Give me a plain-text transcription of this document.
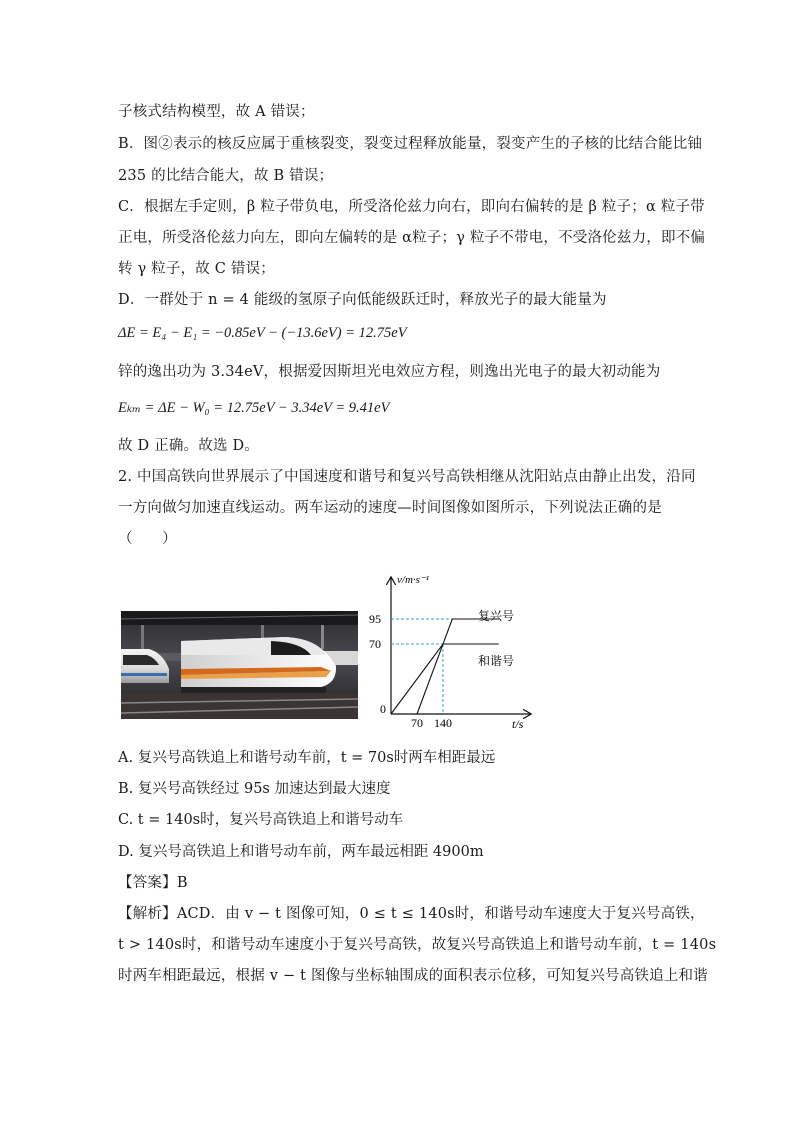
子核式结构模型，故 A 错误；
B．图②表示的核反应属于重核裂变，裂变过程释放能量，裂变产生的子核的比结合能比铀
235 的比结合能大，故 B 错误；
C．根据左手定则，β 粒子带负电，所受洛伦兹力向右，即向右偏转的是 β 粒子；α 粒子带
正电，所受洛伦兹力向左，即向左偏转的是 α粒子；γ 粒子不带电，不受洛伦兹力，即不偏
转 γ 粒子，故 C 错误；
D．一群处于 n = 4 能级的氢原子向低能级跃迁时，释放光子的最大能量为
ΔE = E₄ − E₁ = −0.85eV − (−13.6eV) = 12.75eV
锌的逸出功为 3.34eV，根据爱因斯坦光电效应方程，则逸出光电子的最大初动能为
Eₖₘ = ΔE − W₀ = 12.75eV − 3.34eV = 9.41eV
故 D 正确。故选 D。
2. 中国高铁向世界展示了中国速度和谐号和复兴号高铁相继从沈阳站点由静止出发，沿同
一方向做匀加速直线运动。两车运动的速度—时间图像如图所示，下列说法正确的是
（　　）
v/m·s⁻¹
t/s
0
95
70
70 140
复兴号
和谐号
A. 复兴号高铁追上和谐号动车前，t = 70s时两车相距最远
B. 复兴号高铁经过 95s 加速达到最大速度
C. t = 140s时，复兴号高铁追上和谐号动车
D. 复兴号高铁追上和谐号动车前，两车最远相距 4900m
【答案】B
【解析】ACD．由 v − t 图像可知，0 ≤ t ≤ 140s时，和谐号动车速度大于复兴号高铁，
t > 140s时，和谐号动车速度小于复兴号高铁，故复兴号高铁追上和谐号动车前，t = 140s
时两车相距最远，根据 v − t 图像与坐标轴围成的面积表示位移，可知复兴号高铁追上和谐
